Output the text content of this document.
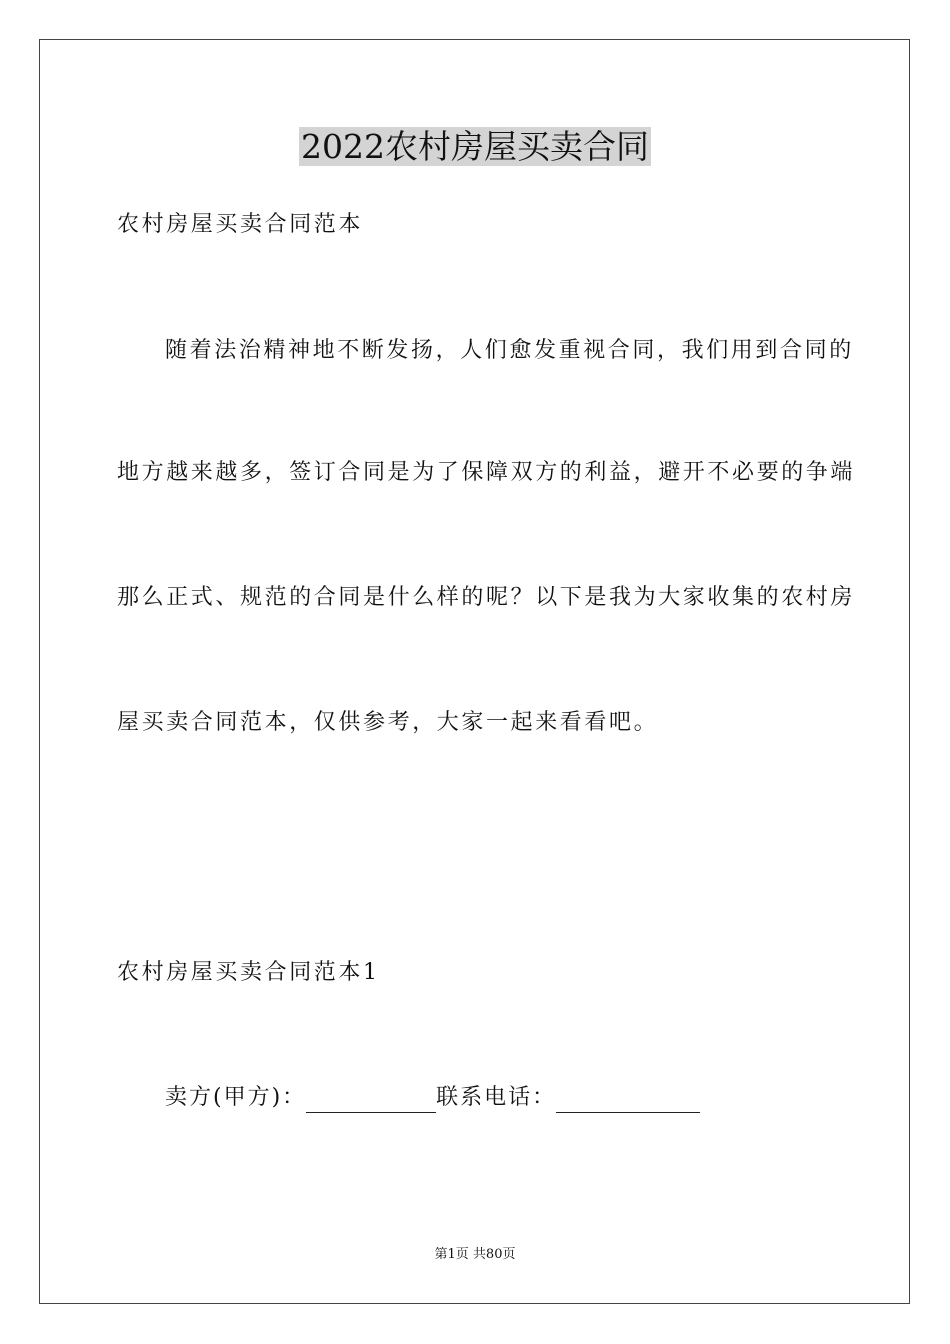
2022农村房屋买卖合同
农村房屋买卖合同范本
随着法治精神地不断发扬，人们愈发重视合同，我们用到合同的
地方越来越多，签订合同是为了保障双方的利益，避开不必要的争端
那么正式、规范的合同是什么样的呢？以下是我为大家收集的农村房
屋买卖合同范本，仅供参考，大家一起来看看吧。
农村房屋买卖合同范本1
卖方(甲方)：	联系电话：
第1页 共80页
